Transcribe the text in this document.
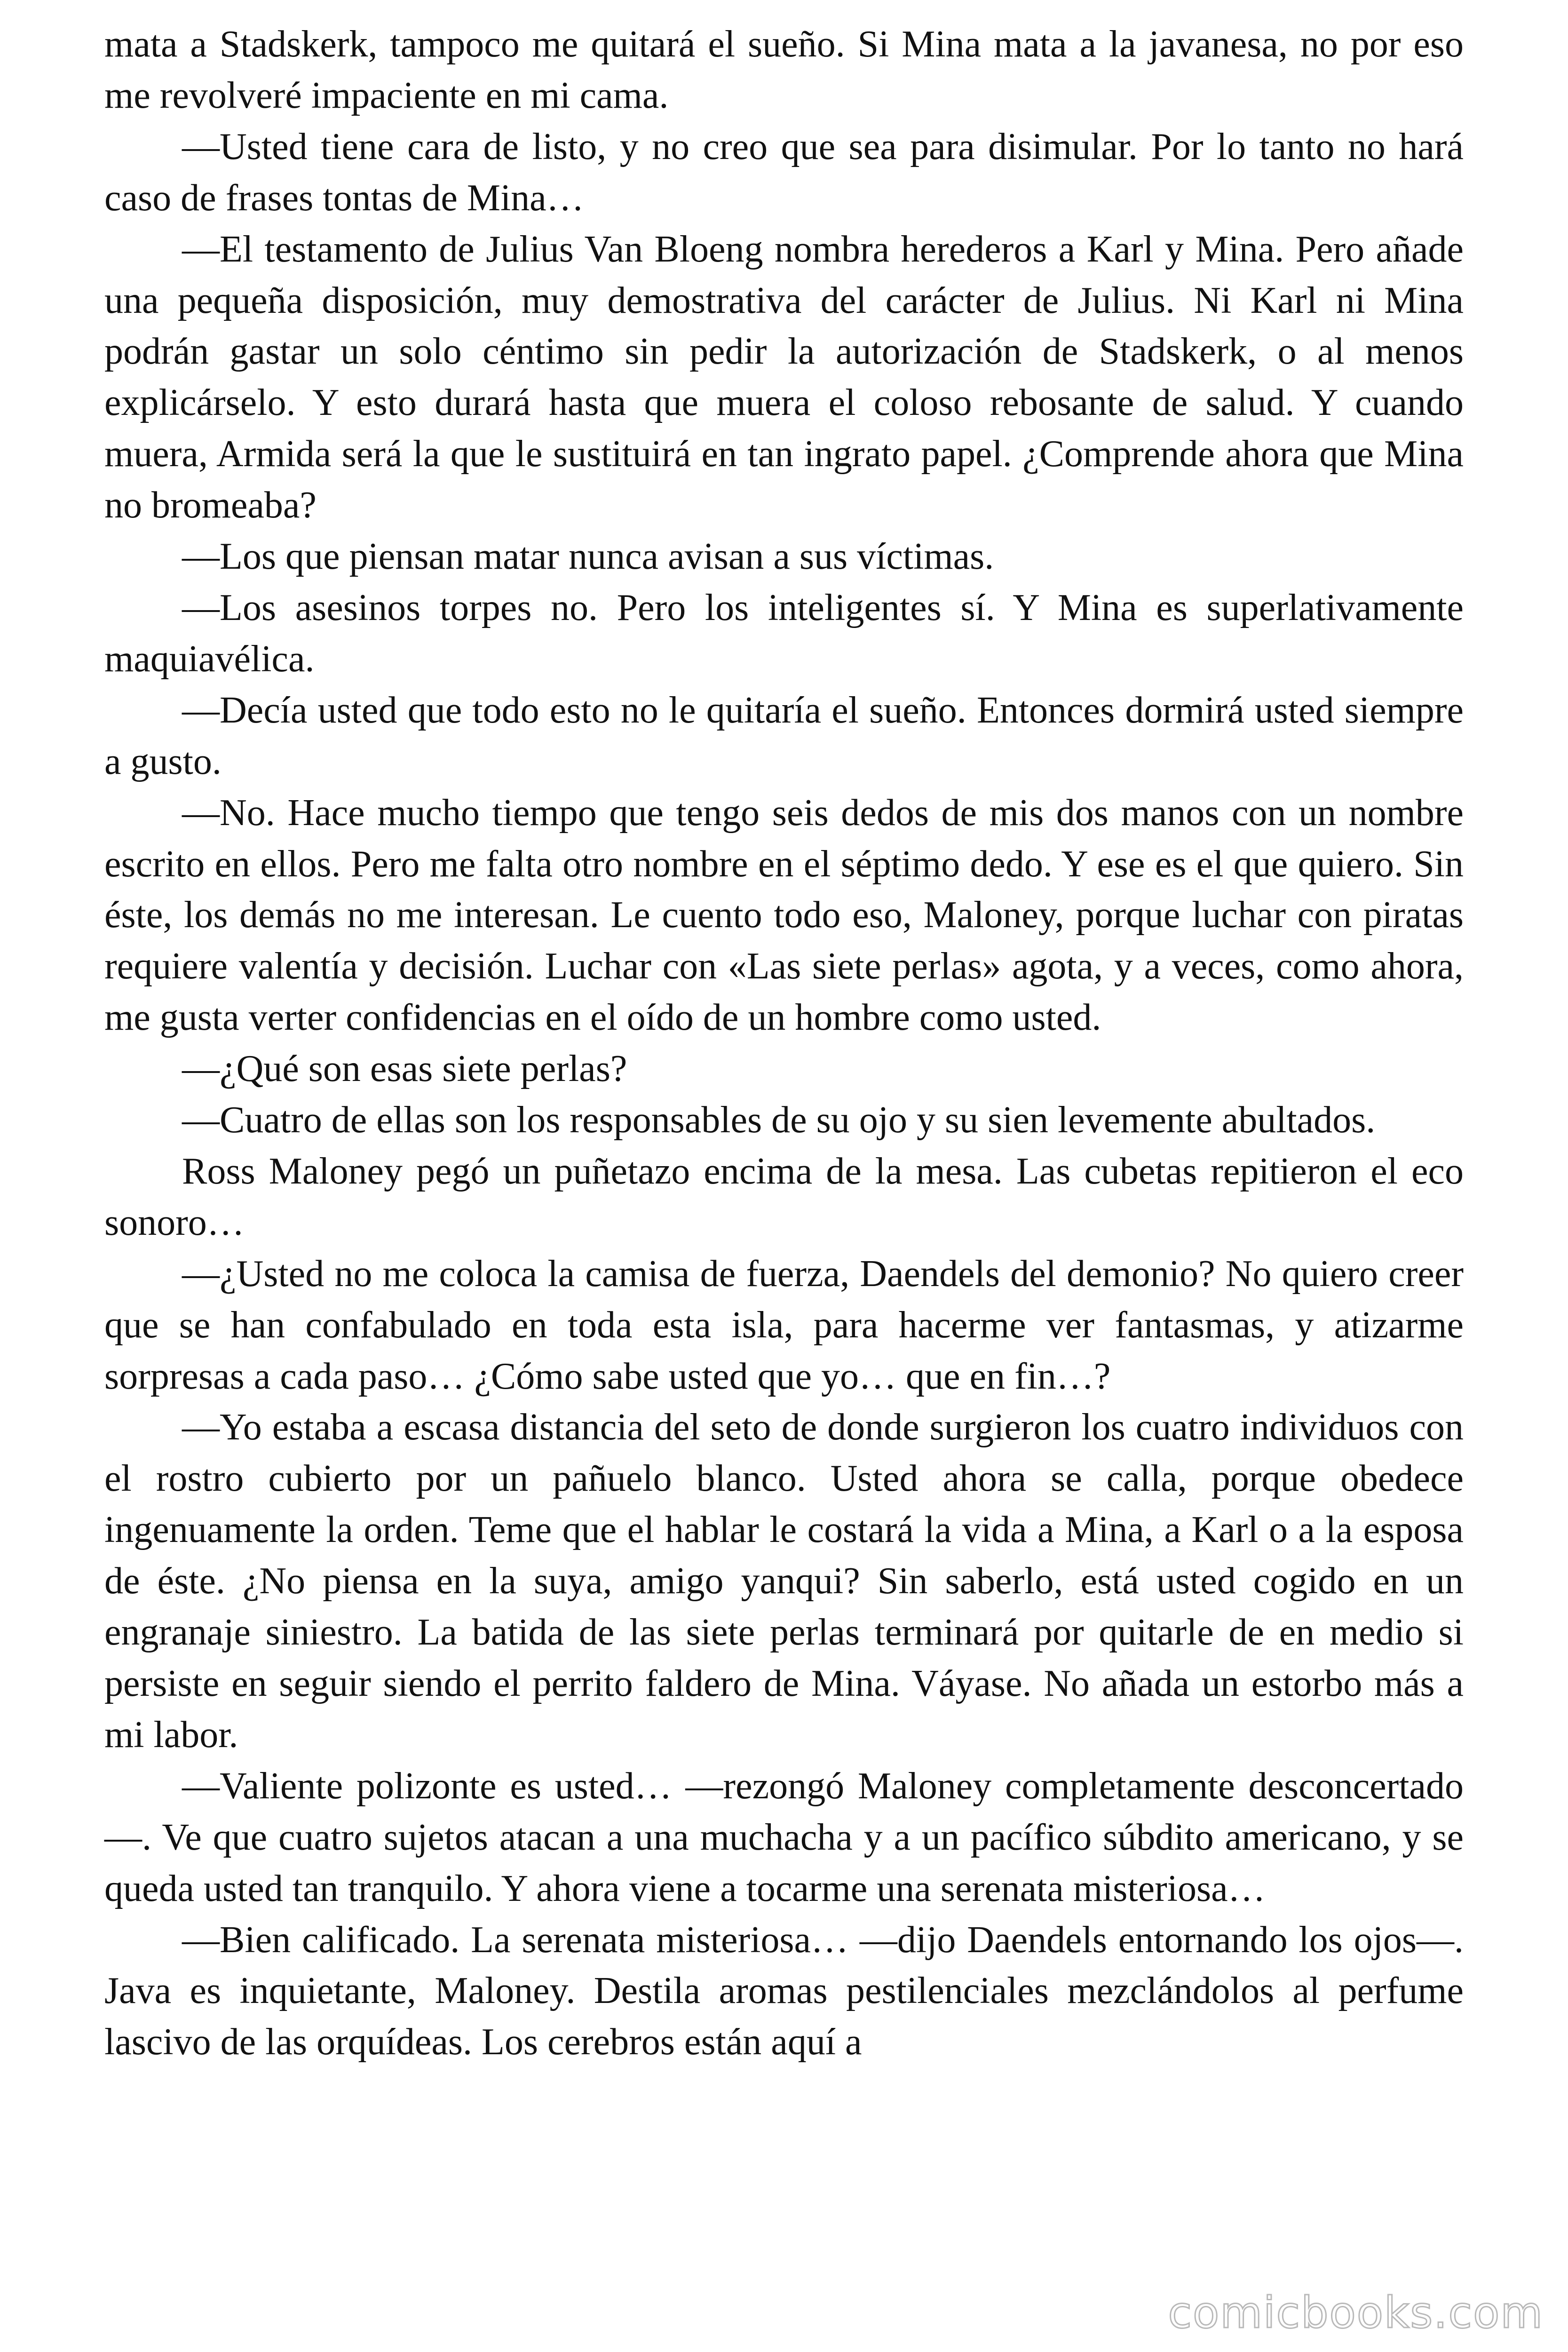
mata a Stadskerk, tampoco me quitará el sueño. Si Mina mata a la javanesa, no por eso me revolveré impaciente en mi cama.

—Usted tiene cara de listo, y no creo que sea para disimular. Por lo tanto no hará caso de frases tontas de Mina…

—El testamento de Julius Van Bloeng nombra herederos a Karl y Mina. Pero añade una pequeña disposición, muy demostrativa del carácter de Julius. Ni Karl ni Mina podrán gastar un solo céntimo sin pedir la autorización de Stadskerk, o al menos explicárselo. Y esto durará hasta que muera el coloso rebosante de salud. Y cuando muera, Armida será la que le sustituirá en tan ingrato papel. ¿Comprende ahora que Mina no bromeaba?

—Los que piensan matar nunca avisan a sus víctimas.

—Los asesinos torpes no. Pero los inteligentes sí. Y Mina es superlativamente maquiavélica.

—Decía usted que todo esto no le quitaría el sueño. Entonces dormirá usted siempre a gusto.

—No. Hace mucho tiempo que tengo seis dedos de mis dos manos con un nombre escrito en ellos. Pero me falta otro nombre en el séptimo dedo. Y ese es el que quiero. Sin éste, los demás no me interesan. Le cuento todo eso, Maloney, porque luchar con piratas requiere valentía y decisión. Luchar con «Las siete perlas» agota, y a veces, como ahora, me gusta verter confidencias en el oído de un hombre como usted.

—¿Qué son esas siete perlas?

—Cuatro de ellas son los responsables de su ojo y su sien levemente abultados.

Ross Maloney pegó un puñetazo encima de la mesa. Las cubetas repitieron el eco sonoro…

—¿Usted no me coloca la camisa de fuerza, Daendels del demonio? No quiero creer que se han confabulado en toda esta isla, para hacerme ver fantasmas, y atizarme sorpresas a cada paso… ¿Cómo sabe usted que yo… que en fin…?

—Yo estaba a escasa distancia del seto de donde surgieron los cuatro individuos con el rostro cubierto por un pañuelo blanco. Usted ahora se calla, porque obedece ingenuamente la orden. Teme que el hablar le costará la vida a Mina, a Karl o a la esposa de éste. ¿No piensa en la suya, amigo yanqui? Sin saberlo, está usted cogido en un engranaje siniestro. La batida de las siete perlas terminará por quitarle de en medio si persiste en seguir siendo el perrito faldero de Mina. Váyase. No añada un estorbo más a mi labor.

—Valiente polizonte es usted… —rezongó Maloney completamente desconcertado—. Ve que cuatro sujetos atacan a una muchacha y a un pacífico súbdito americano, y se queda usted tan tranquilo. Y ahora viene a tocarme una serenata misteriosa…

—Bien calificado. La serenata misteriosa… —dijo Daendels entornando los ojos—. Java es inquietante, Maloney. Destila aromas pestilenciales mezclándolos al perfume lascivo de las orquídeas. Los cerebros están aquí a

comicbooks.com
